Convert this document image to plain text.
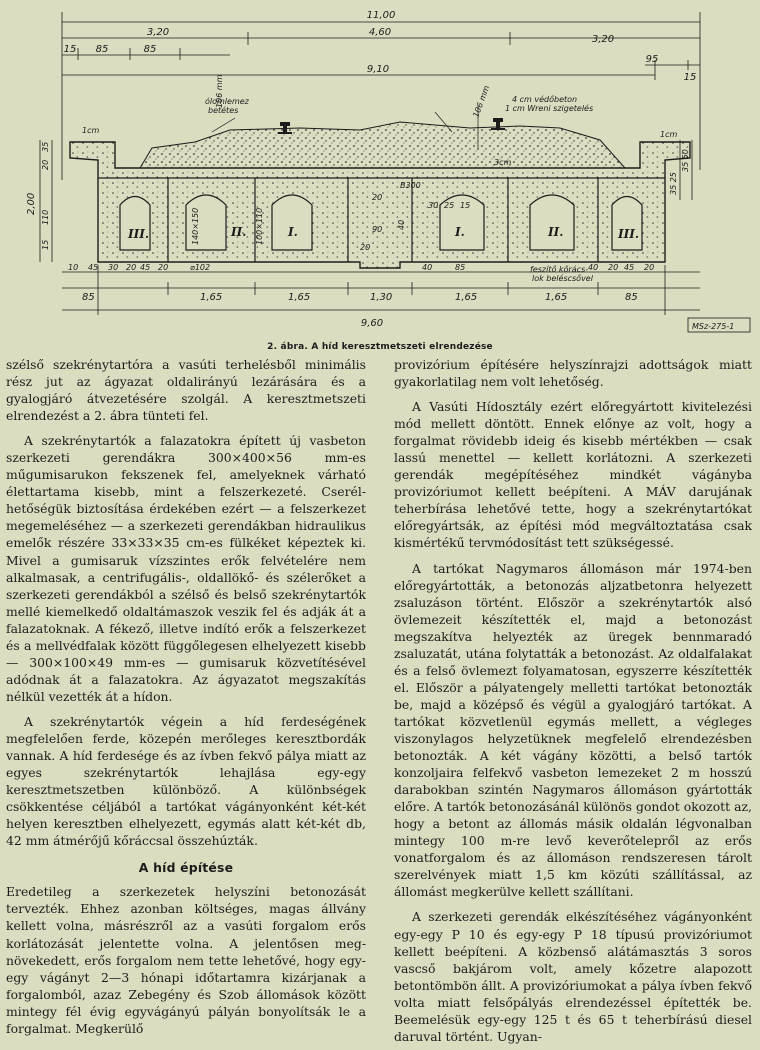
11,00
3,20	4,60
3,20
15 85	85
95
15
9,10
ólomlemez
betétes
4 cm védőbeton
1 cm Wreni szigetelés
106 mm	106 mm
1cm	1cm
III.	II.	I.	I.	II.	III.
140×150	100×110
20
90
20
30 25 15
B300
3cm
40
2,00
35
20
110
15
35 50
35 25
10 45 30 20 45 20	⌀102	40	85	40 20 45 20
feszítő kőrács-
lok beléscsővel
85	1,65	1,65	1,30	1,65	1,65	85
9,60	MSz-275-1
2. ábra. A híd keresztmetszeti elrendezése

szélső szekrénytartóra a vasúti terhelésből minimális rész jut az ágyazat oldalirányú lezárására és a gyalogjáró átvezetésére szolgál. A keresztmetszeti elrendezést a 2. ábra tünteti fel.

A szekrénytartók a falazatokra épített új vasbeton szerkezeti gerendákra 300×400×56 mm-es műgumisarukon fekszenek fel, amelyeknek várható élettartama kisebb, mint a felszerkezeté. Cserélhetőségük biztosítása érdekében ezért — a felszerkezet megemeléséhez — a szerkezeti gerendákban hidraulikus emelők részére 33×33×35 cm-es fülkéket képeztek ki. Mivel a gumisaruk vízszintes erők felvételére nem alkalmasak, a centrifugális-, oldallökő- és szélerőket a szerkezeti gerendákból a szélső és belső szekrénytartók mellé kiemelkedő oldaltámaszok veszik fel és adják át a falazatoknak. A fékező, illetve indító erők a felszerkezet és a mellvédfalak között függőlegesen elhelyezett kisebb — 300×100×49 mm-es — gumisaruk közvetítésével adódnak át a falazatokra. Az ágyazatot megszakítás nélkül vezették át a hídon.

A szekrénytartók végein a híd ferdeségének megfelelően ferde, közepén merőleges keresztbordák vannak. A híd ferdesége és az ívben fekvő pálya miatt az egyes szekrénytartók lehajlása egy-egy keresztmetszetben különböző. A különbségek csökkentése céljából a tartókat vágányonként két-két helyen keresztben elhelyezett, egymás alatt két-két db, 42 mm átmérőjű kőráccsal összehúzták.

A híd építése

Eredetileg a szerkezetek helyszíni betonozását tervezték. Ehhez azonban költséges, magas állvány kellett volna, másrészről az a vasúti forgalom erős korlátozását jelentette volna. A jelentősen megnövekedett, erős forgalom nem tette lehetővé, hogy egy-egy vágányt 2—3 hónapi időtartamra kizárjanak a forgalomból, azaz Zebegény és Szob állomások között mintegy fél évig egyvágányú pályán bonyolítsák le a forgalmat. Megkerülő

provizórium építésére helyszínrajzi adottságok miatt gyakorlatilag nem volt lehetőség.

A Vasúti Hídosztály ezért előregyártott kivitelezési mód mellett döntött. Ennek előnye az volt, hogy a forgalmat rövidebb ideig és kisebb mértékben — csak lassú menettel — kellett korlátozni. A szerkezeti gerendák megépítéséhez mindkét vágányba provizóriumot kellett beépíteni. A MÁV darujának teherbírása lehetővé tette, hogy a szekrénytartókat előregyártsák, az építési mód megváltoztatása csak kismértékű tervmódosítást tett szükségessé.

A tartókat Nagymaros állomáson már 1974-ben előregyártották, a betonozás aljzatbetonra helyezett zsaluzáson történt. Először a szekrénytartók alsó övlemezeit készítették el, majd a betonozást megszakítva helyezték az üregek bennmaradó zsaluzatát, utána folytatták a betonozást. Az oldalfalakat és a felső övlemezt folyamatosan, egyszerre készítették el. Először a pályatengely melletti tartókat betonozták be, majd a középső és végül a gyalogjáró tartókat. A tartókat közvetlenül egymás mellett, a végleges viszonylagos helyzetüknek megfelelő elrendezésben betonozták. A két vágány közötti, a belső tartók konzoljaira felfekvő vasbeton lemezeket 2 m hosszú darabokban szintén Nagymaros állomáson gyártották előre. A tartók betonozásánál különös gondot okozott az, hogy a betont az állomás másik oldalán légvonalban mintegy 100 m-re levő keverőtelepről az erős vonatforgalom és az állomáson rendszeresen tárolt szerelvények miatt 1,5 km közúti szállítással, az állomást megkerülve kellett szállítani.

A szerkezeti gerendák elkészítéséhez vágányonként egy-egy P 10 és egy-egy P 18 típusú provizóriumot kellett beépíteni. A közbenső alátámasztás 3 soros vascső bakjárom volt, amely kőzetre alapozott betontömbön állt. A provizóriumokat a pálya ívben fekvő volta miatt felsőpályás elrendezéssel építették be. Beemelésük egy-egy 125 t és 65 t teherbírású diesel daruval történt. Ugyan-
